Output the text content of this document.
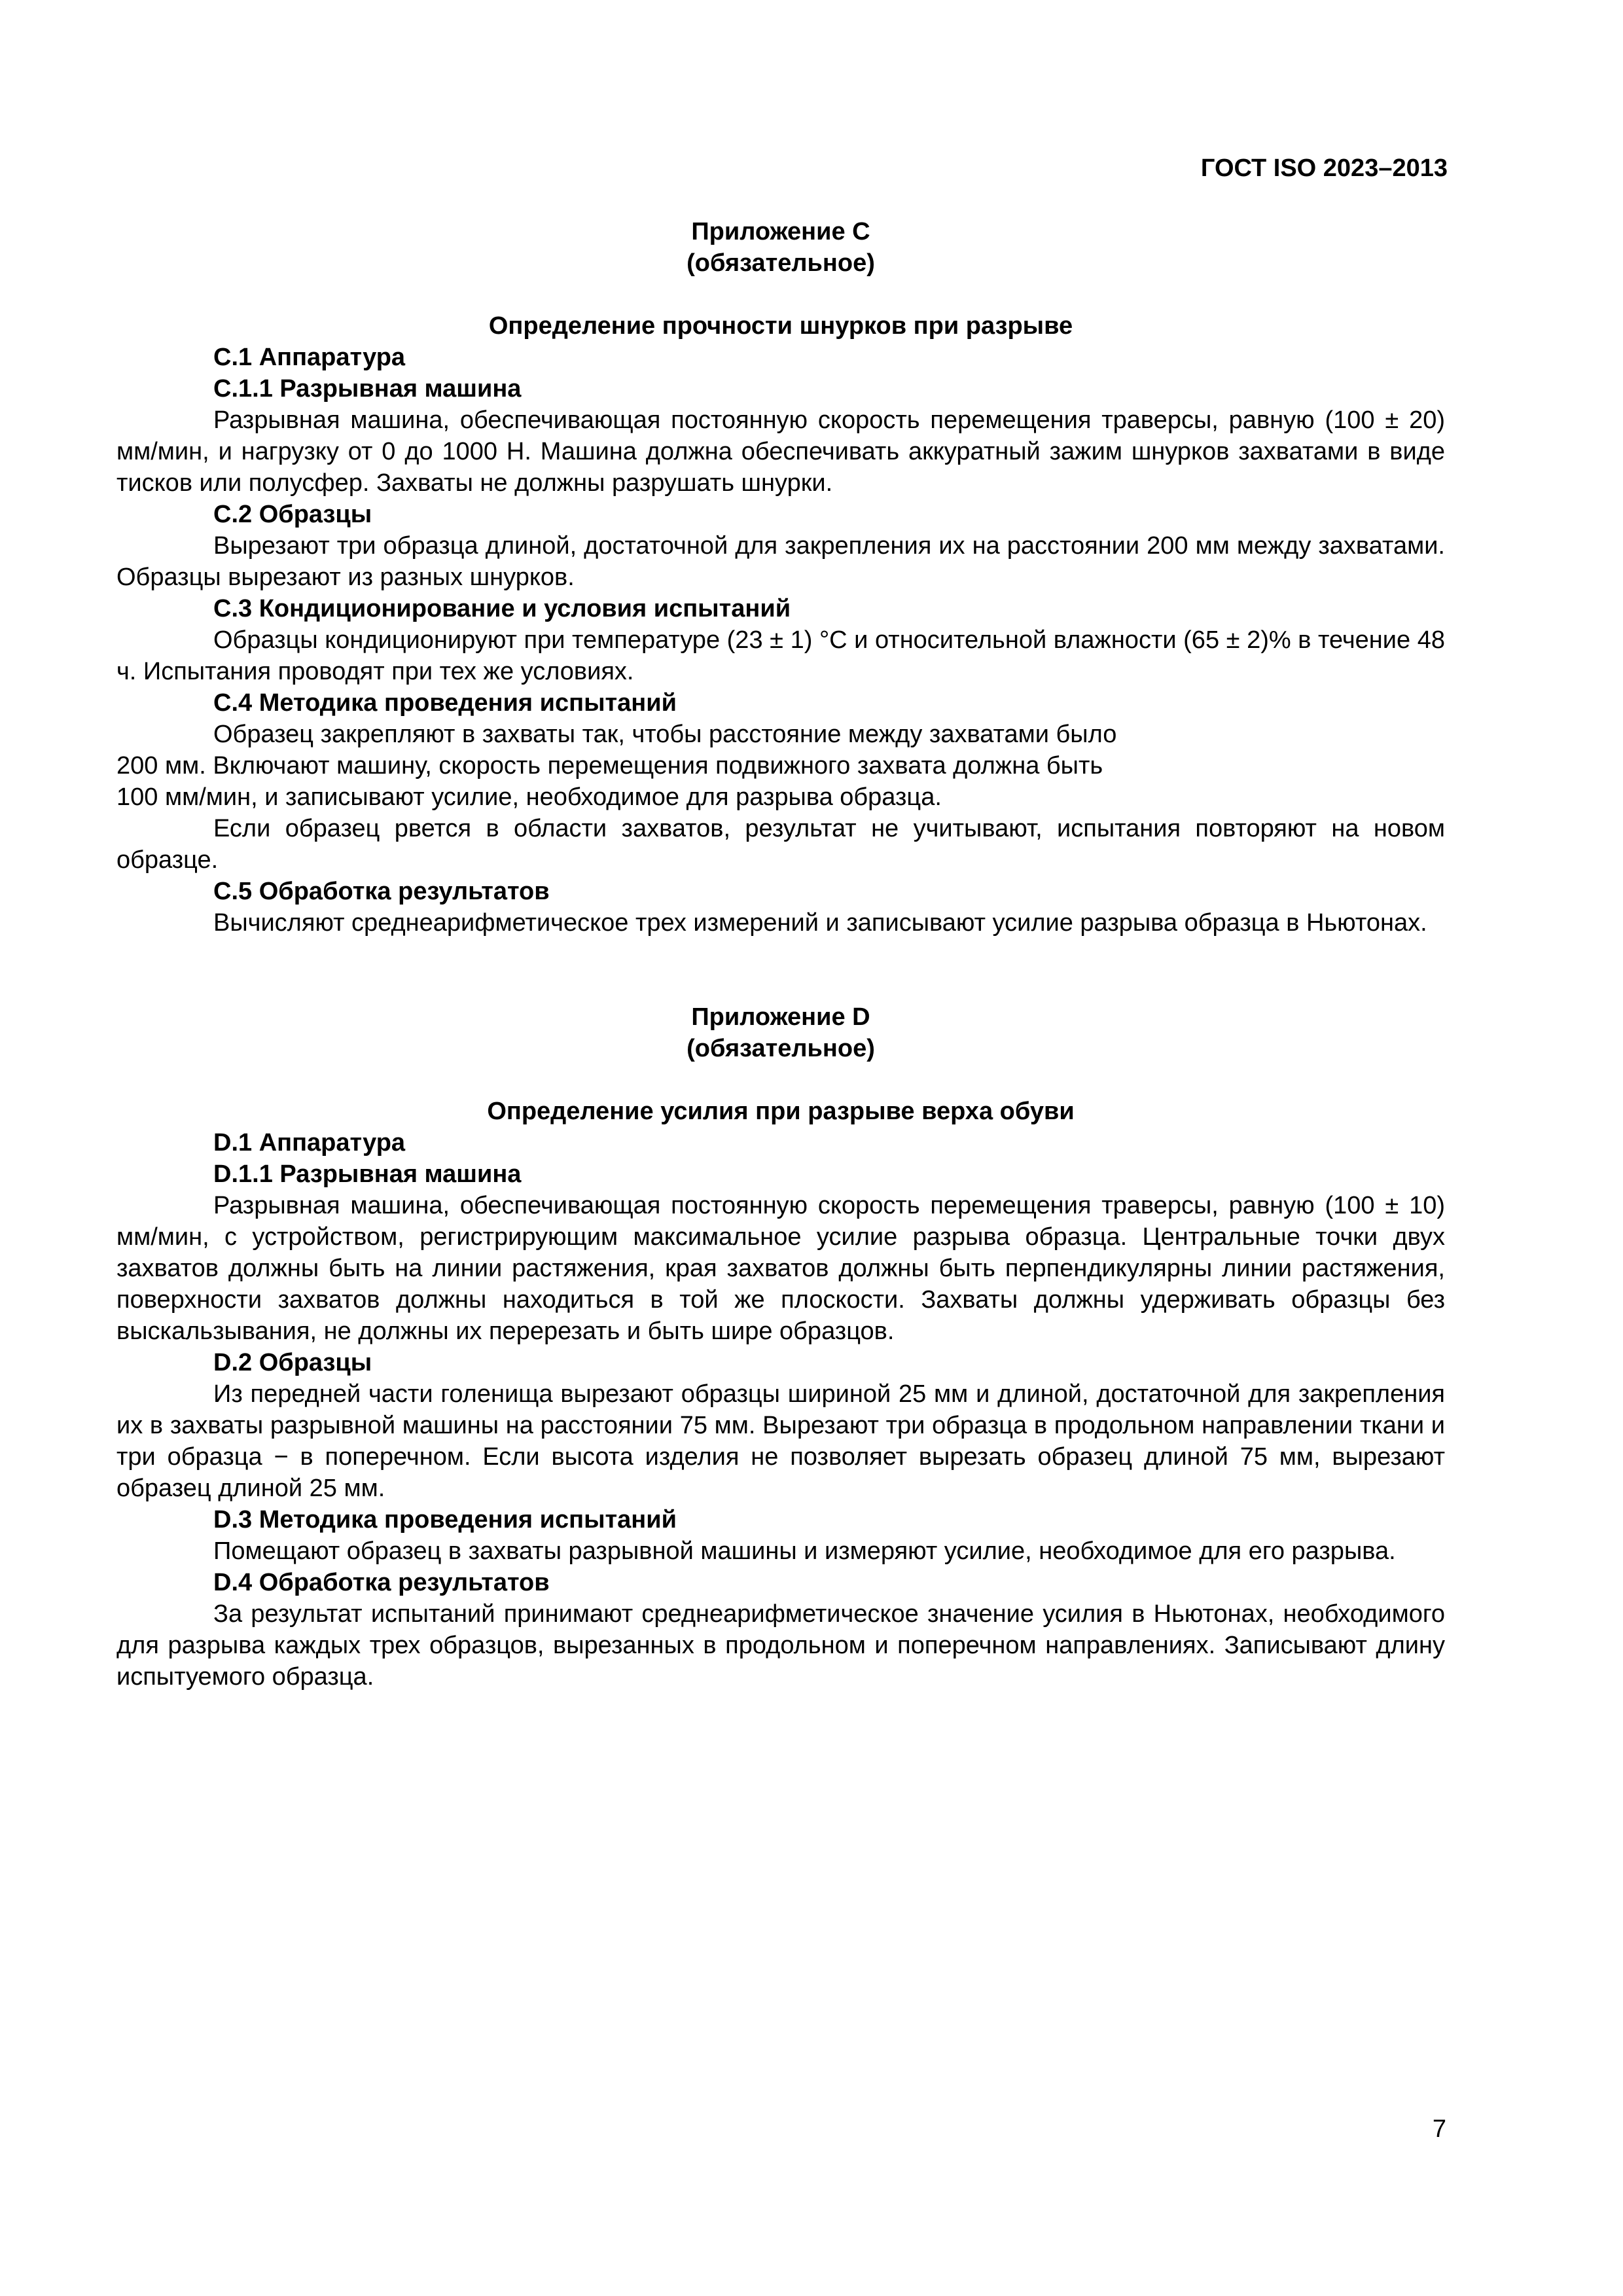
ГОСТ ISO 2023–2013
Приложение C
(обязательное)
Определение прочности шнурков при разрыве
C.1 Аппаратура
C.1.1 Разрывная машина
Разрывная машина, обеспечивающая постоянную скорость перемещения траверсы, равную (100 ± 20) мм/мин, и нагрузку от 0 до 1000 Н. Машина должна обеспечивать аккуратный зажим шнурков захватами в виде тисков или полусфер. Захваты не должны разрушать шнурки.
C.2 Образцы
Вырезают три образца длиной, достаточной для закрепления их на расстоянии 200 мм между захватами. Образцы вырезают из разных шнурков.
C.3 Кондиционирование и условия испытаний
Образцы кондиционируют при температуре (23 ± 1) °С и относительной влажности (65 ± 2)% в течение 48 ч. Испытания проводят при тех же условиях.
C.4 Методика проведения испытаний
Образец закрепляют в захваты так, чтобы расстояние между захватами было
200 мм. Включают машину, скорость перемещения подвижного захвата должна быть
100 мм/мин, и записывают усилие, необходимое для разрыва образца.
Если образец рвется в области захватов, результат не учитывают, испытания повторяют на новом образце.
C.5 Обработка результатов
Вычисляют среднеарифметическое трех измерений и записывают усилие разрыва образца в Ньютонах.
Приложение D
(обязательное)
Определение усилия при разрыве верха обуви
D.1 Аппаратура
D.1.1 Разрывная машина
Разрывная машина, обеспечивающая постоянную скорость перемещения траверсы, равную (100 ± 10) мм/мин, с устройством, регистрирующим максимальное усилие разрыва образца. Центральные точки двух захватов должны быть на линии растяжения, края захватов должны быть перпендикулярны линии растяжения, поверхности захватов должны находиться в той же плоскости. Захваты должны удерживать образцы без выскальзывания, не должны их перерезать и быть шире образцов.
D.2 Образцы
Из передней части голенища вырезают образцы шириной 25 мм и длиной, достаточной для закрепления их в захваты разрывной машины на расстоянии 75 мм. Вырезают три образца в продольном направлении ткани и три образца − в поперечном. Если высота изделия не позволяет вырезать образец длиной 75 мм, вырезают образец длиной 25 мм.
D.3 Методика проведения испытаний
Помещают образец в захваты разрывной машины и измеряют усилие, необходимое для его разрыва.
D.4 Обработка результатов
За результат испытаний принимают среднеарифметическое значение усилия в Ньютонах, необходимого для разрыва каждых трех образцов, вырезанных в продольном и поперечном направлениях. Записывают длину испытуемого образца.
7
